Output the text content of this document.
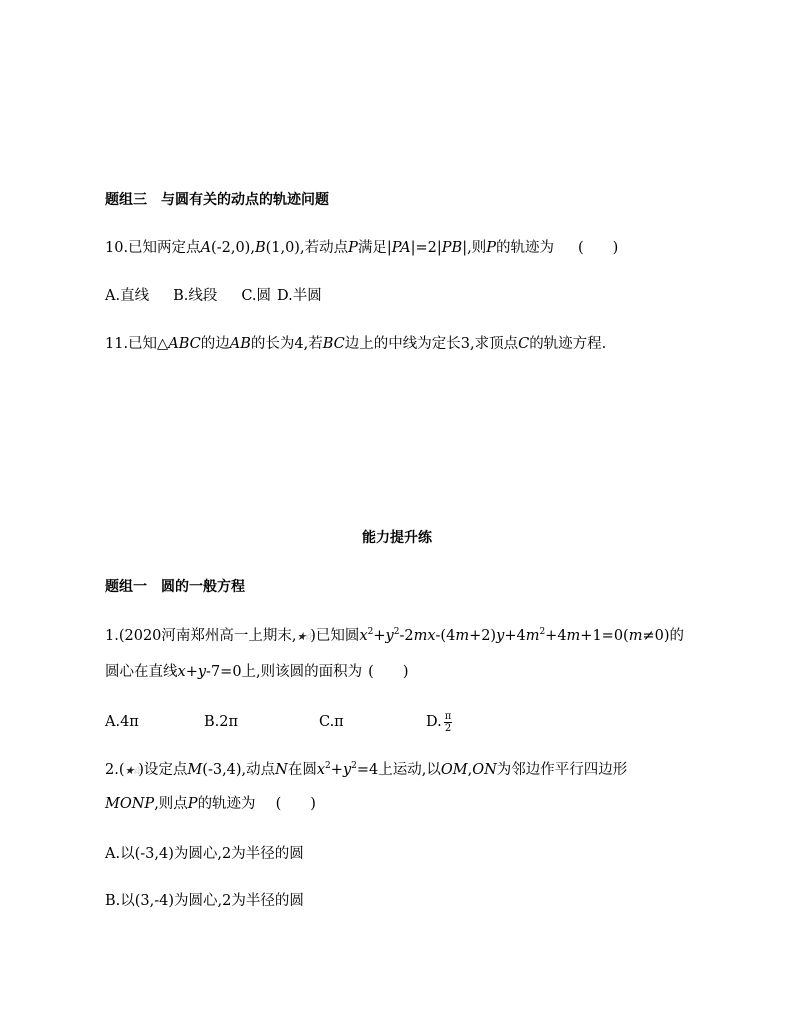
题组三　与圆有关的动点的轨迹问题
10.已知两定点A(-2,0),B(1,0),若动点P满足|PA|=2|PB|,则P的轨迹为 (　　)
A.直线 B.线段 C.圆 D.半圆
11.已知△ABC的边AB的长为4,若BC边上的中线为定长3,求顶点C的轨迹方程.
能力提升练
题组一　圆的一般方程
1.(2020河南郑州高一上期末,★☆)已知圆$x^2+y^2-2mx-(4m+2)y+4m^2+4m+1=0(m\ne 0)$的
圆心在直线x+y-7=0上,则该圆的面积为 (　　)
A.4π	B.2π	C.π	D. $\frac{\pi}{2}$
2.(★☆)设定点M(-3,4),动点N在圆$x^2+y^2=4$上运动,以OM,ON为邻边作平行四边形
MONP,则点P的轨迹为 (　　)
A.以(-3,4)为圆心,2为半径的圆
B.以(3,-4)为圆心,2为半径的圆
